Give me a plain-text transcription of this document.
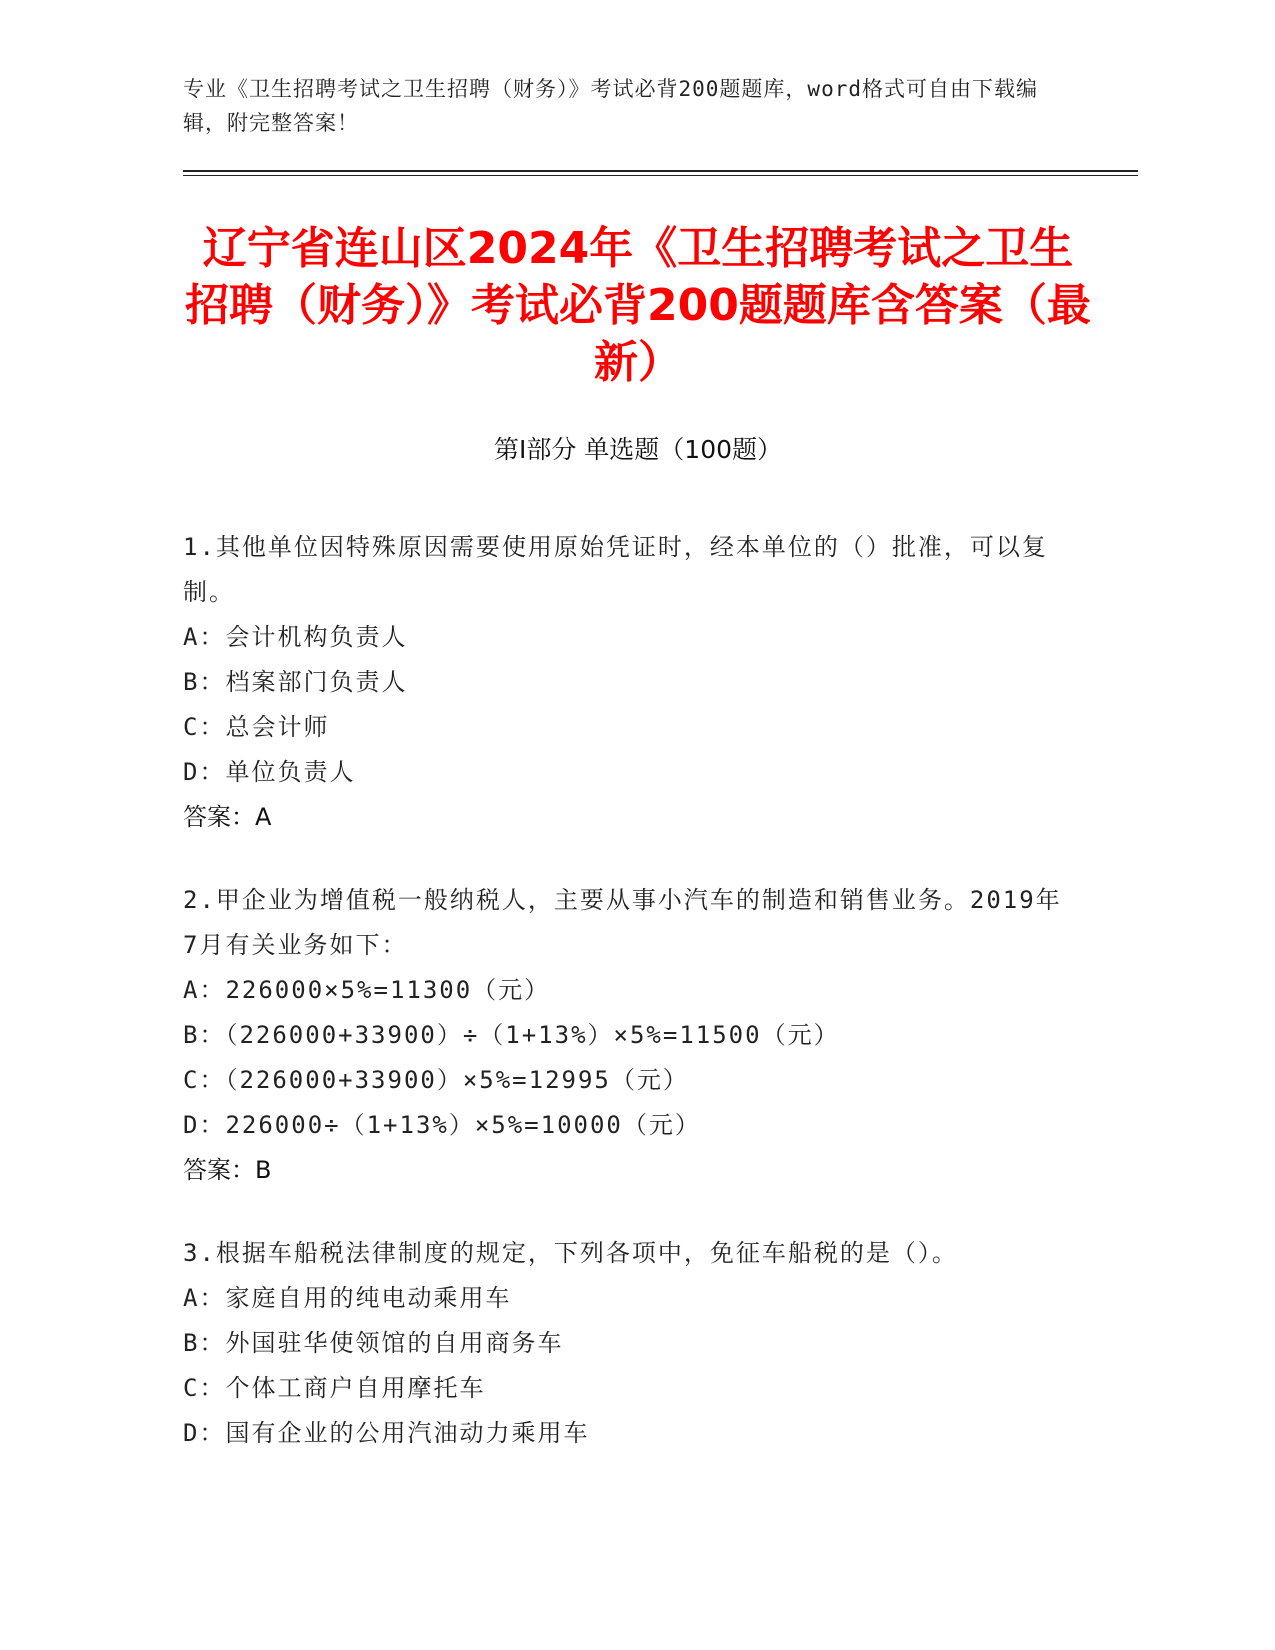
专业《卫生招聘考试之卫生招聘（财务）》考试必背200题题库，word格式可自由下载编辑，附完整答案！
辽宁省连山区2024年《卫生招聘考试之卫生招聘（财务）》考试必背200题题库含答案（最新）
第I部分 单选题（100题）
1.其他单位因特殊原因需要使用原始凭证时，经本单位的（）批准，可以复制。
A：会计机构负责人
B：档案部门负责人
C：总会计师
D：单位负责人
答案：A
2.甲企业为增值税一般纳税人，主要从事小汽车的制造和销售业务。2019年7月有关业务如下：
A：226000×5%=11300（元）
B：（226000+33900）÷（1+13%）×5%=11500（元）
C：（226000+33900）×5%=12995（元）
D：226000÷（1+13%）×5%=10000（元）
答案：B
3.根据车船税法律制度的规定，下列各项中，免征车船税的是（）。
A：家庭自用的纯电动乘用车
B：外国驻华使领馆的自用商务车
C：个体工商户自用摩托车
D：国有企业的公用汽油动力乘用车
